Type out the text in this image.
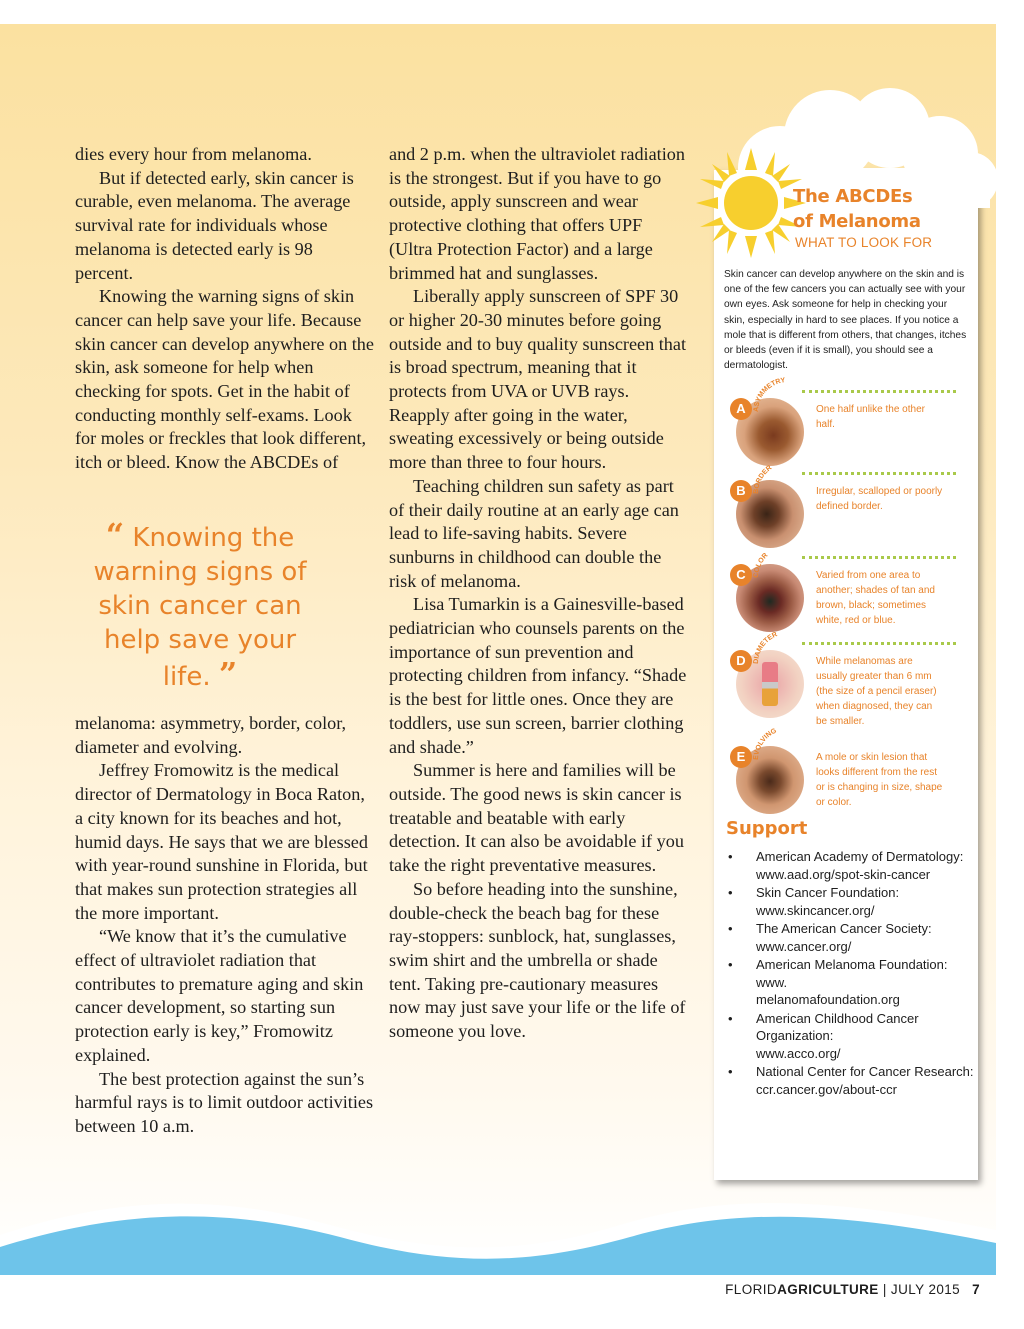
dies every hour from melanoma.

But if detected early, skin cancer is curable, even melanoma. The average survival rate for individuals whose melanoma is detected early is 98 percent.

Knowing the warning signs of skin cancer can help save your life. Because skin cancer can develop anywhere on the skin, ask someone for help when checking for spots. Get in the habit of conducting monthly self-exams. Look for moles or freckles that look different, itch or bleed. Know the ABCDEs of

“ Knowing the warning signs of skin cancer can help save your life. ”

melanoma: asymmetry, border, color, diameter and evolving.

Jeffrey Fromowitz is the medical director of Dermatology in Boca Raton, a city known for its beaches and hot, humid days. He says that we are blessed with year-round sunshine in Florida, but that makes sun protection strategies all the more important.

“We know that it’s the cumulative effect of ultraviolet radiation that contributes to premature aging and skin cancer development, so starting sun protection early is key,” Fromowitz explained.

The best protection against the sun’s harmful rays is to limit outdoor activities between 10 a.m.

and 2 p.m. when the ultraviolet radiation is the strongest. But if you have to go outside, apply sunscreen and wear protective clothing that offers UPF (Ultra Protection Factor) and a large brimmed hat and sunglasses.

Liberally apply sunscreen of SPF 30 or higher 20-30 minutes before going outside and to buy quality sunscreen that is broad spectrum, meaning that it protects from UVA or UVB rays. Reapply after going in the water, sweating excessively or being outside more than three to four hours.

Teaching children sun safety as part of their daily routine at an early age can lead to life-saving habits. Severe sunburns in childhood can double the risk of melanoma.

Lisa Tumarkin is a Gainesville-based pediatrician who counsels parents on the importance of sun prevention and protecting children from infancy. “Shade is the best for little ones. Once they are toddlers, use sun screen, barrier clothing and shade.”

Summer is here and families will be outside. The good news is skin cancer is treatable and beatable with early detection. It can also be avoidable if you take the right preventative measures.

So before heading into the sunshine, double-check the beach bag for these ray-stoppers: sunblock, hat, sunglasses, swim shirt and the umbrella or shade tent. Taking pre-cautionary measures now may just save your life or the life of someone you love.

The ABCDEs
of Melanoma
WHAT TO LOOK FOR
Skin cancer can develop anywhere on the skin and is one of the few cancers you can actually see with your own eyes. Ask someone for help in checking your skin, especially in hard to see places. If you notice a mole that is different from others, that changes, itches or bleeds (even if it is small), you should see a dermatologist.
ASYMMETRY
A	One half unlike the other half.
BORDER
B	Irregular, scalloped or poorly defined border.
COLOR
C	Varied from one area to another; shades of tan and brown, black; sometimes white, red or blue.
DIAMETER
D	While melanomas are usually greater than 6 mm (the size of a pencil eraser) when diagnosed, they can be smaller.
EVOLVING
E	A mole or skin lesion that looks different from the rest or is changing in size, shape or color.
Support
• American Academy of Dermatology:
www.aad.org/spot-skin-cancer
• Skin Cancer Foundation:
www.skincancer.org/
• The American Cancer Society:
www.cancer.org/
• American Melanoma Foundation: www.
melanomafoundation.org
• American Childhood Cancer Organization:
www.acco.org/
• National Center for Cancer Research:
ccr.cancer.gov/about-ccr
FLORIDAGRICULTURE | JULY 2015 7
